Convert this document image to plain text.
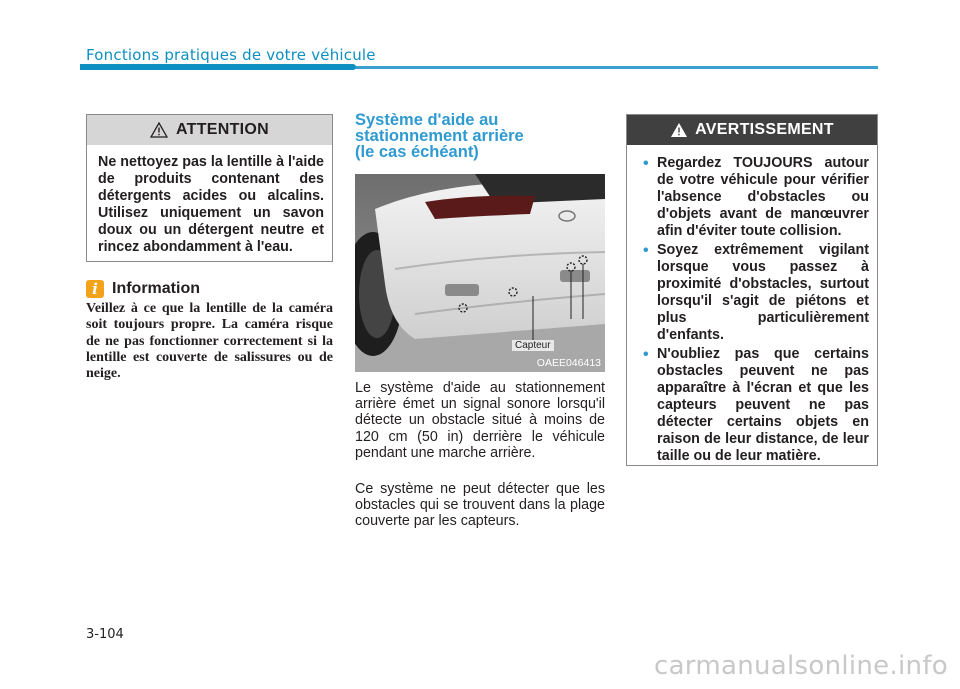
Fonctions pratiques de votre véhicule
ATTENTION
Ne nettoyez pas la lentille à l'aide de produits contenant des détergents acides ou alcalins. Utilisez uniquement un savon doux ou un détergent neutre et rincez abondamment à l'eau.
i Information
Veillez à ce que la lentille de la caméra soit toujours propre. La caméra risque de ne pas fonctionner correctement si la lentille est couverte de salissures ou de neige.
Système d'aide au
stationnement arrière
(le cas échéant)
OAEE046413
Capteur
Le système d'aide au stationnement arrière émet un signal sonore lorsqu'il détecte un obstacle situé à moins de 120 cm (50 in) derrière le véhicule pendant une marche arrière.
Ce système ne peut détecter que les obstacles qui se trouvent dans la plage couverte par les capteurs.
AVERTISSEMENT
• Regardez TOUJOURS autour de votre véhicule pour vérifier l'absence d'obstacles ou d'objets avant de manœuvrer afin d'éviter toute collision.
• Soyez extrêmement vigilant lorsque vous passez à proximité d'obstacles, surtout lorsqu'il s'agit de piétons et plus particulièrement d'enfants.
• N'oubliez pas que certains obstacles peuvent ne pas apparaître à l'écran et que les capteurs peuvent ne pas détecter certains objets en raison de leur distance, de leur taille ou de leur matière.
3-104
carmanualsonline.info
